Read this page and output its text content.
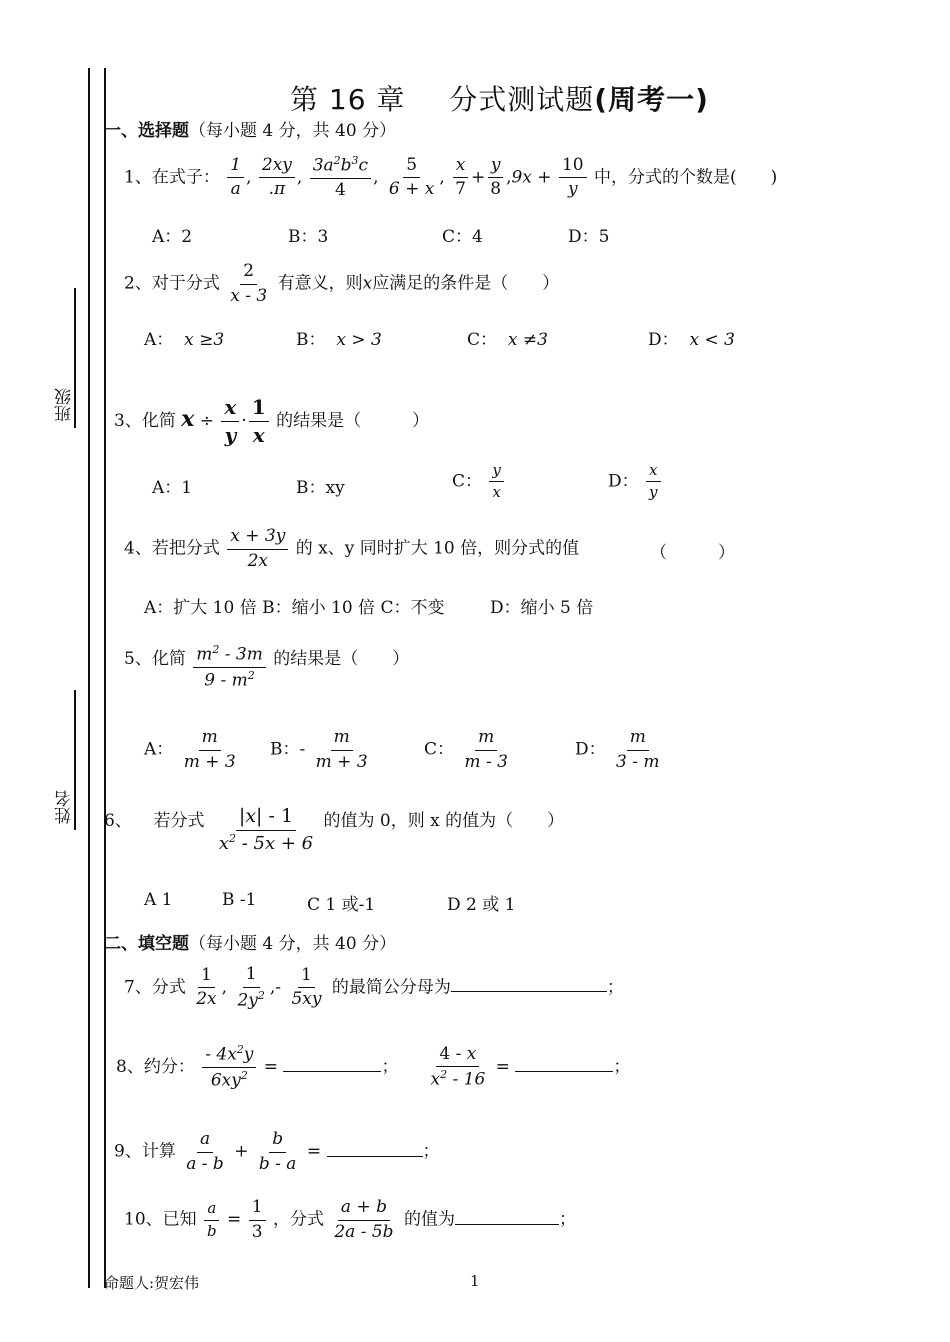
班级
姓名
第 16 章 分式测试题(周考一)
一、选择题（每小题 4 分，共 40 分）
1、在式子： $\frac{1}{a}$ , $\frac{2xy}{.\pi}$ , $\frac{3a^2b^3c}{4}$ , $\frac{5}{6 + x}$ , $\frac{x}{7} + \frac{y}{8} ,9x + \frac{10}{y}$ 中，分式的个数是(　　)
A：2	B：3	C：4	D：5
2、对于分式 $\frac{2}{x - 3}$ 有意义，则x应满足的条件是（　　）
A： x ≥3	B： x > 3	C： x ≠3	D： x < 3
3、化简 $x \div \frac{x}{y} \cdot \frac{1}{x}$ 的结果是（　　　）
A：1	B：xy	C： $\frac{y}{x}$	D： $\frac{x}{y}$
4、若把分式 $\frac{x + 3y}{2x}$ 的 x、y 同时扩大 10 倍，则分式的值	（　　　）
A：扩大 10 倍 B：缩小 10 倍 C：不变	D：缩小 5 倍
5、化简 $\frac{m^2 - 3m}{9 - m^2}$ 的结果是（　　）
A： $\frac{m}{m + 3}$ B：- $\frac{m}{m + 3}$	C： $\frac{m}{m - 3}$	D： $\frac{m}{3 - m}$
6、 若分式 $\frac{|x| - 1}{x^2 - 5x + 6}$ 的值为 0，则 x 的值为（　　）
A 1	B -1	C 1 或-1	D 2 或 1
二、填空题（每小题 4 分，共 40 分）
7、分式 $\frac{1}{2x}$ , $\frac{1}{2y^2}$ ,- $\frac{1}{5xy}$ 的最简公分母为	；
8、约分： $\frac{- 4x^2y}{6xy^2}$ =	； $\frac{4 - x}{x^2 - 16}$ =	；
9、计算 $\frac{a}{a - b} + \frac{b}{b - a}$ =	；
10、已知 $\frac{a}{b} = \frac{1}{3}$ ，分式 $\frac{a + b}{2a - 5b}$ 的值为	；
命题人:贺宏伟	1
